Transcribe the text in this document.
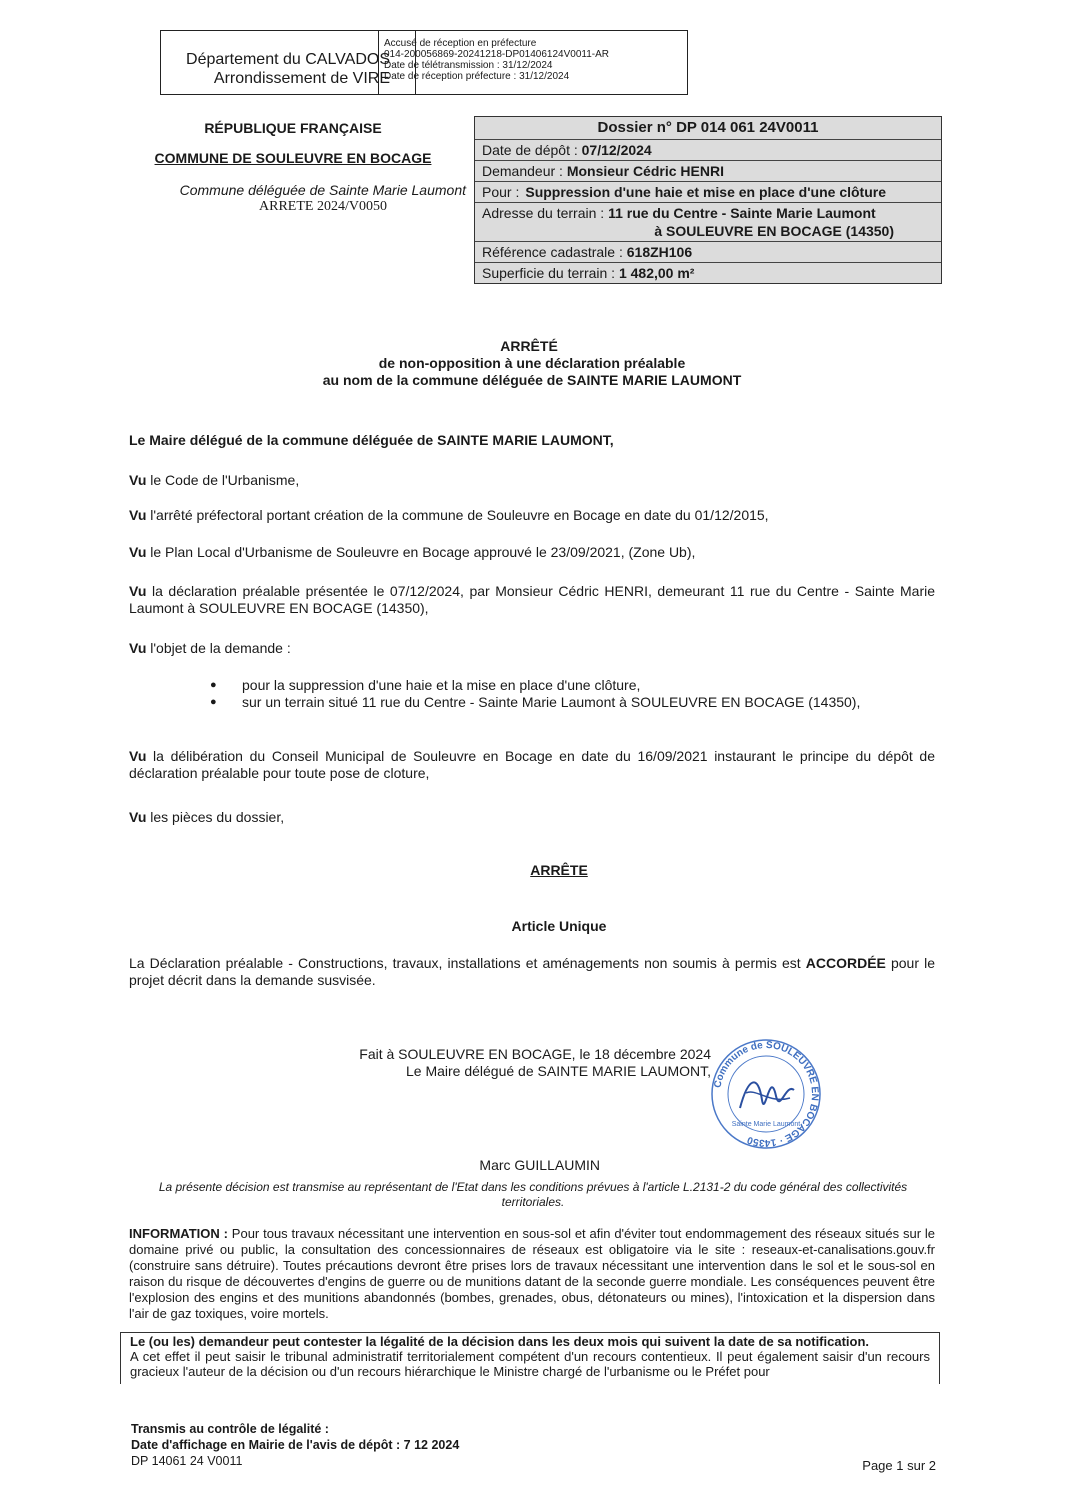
Département du CALVADOS
Arrondissement de VIRE
Accusé de réception en préfecture
014-200056869-20241218-DP01406124V0011-AR
Date de télétransmission : 31/12/2024
Date de réception préfecture : 31/12/2024
RÉPUBLIQUE FRANÇAISE
COMMUNE DE SOULEUVRE EN BOCAGE
Commune déléguée de Sainte Marie Laumont
ARRETE 2024/V0050
Dossier n° DP 014 061 24V0011
Date de dépôt : 07/12/2024
Demandeur : Monsieur Cédric HENRI
Pour : Suppression d'une haie et mise en place d'une clôture
Adresse du terrain : 11 rue du Centre - Sainte Marie Laumont
à SOULEUVRE EN BOCAGE (14350)
Référence cadastrale : 618ZH106
Superficie du terrain : 1 482,00 m²
ARRÊTÉ
de non-opposition à une déclaration préalable
au nom de la commune déléguée de SAINTE MARIE LAUMONT
Le Maire délégué de la commune déléguée de SAINTE MARIE LAUMONT,
Vu le Code de l'Urbanisme,
Vu l'arrêté préfectoral portant création de la commune de Souleuvre en Bocage en date du 01/12/2015,
Vu le Plan Local d'Urbanisme de Souleuvre en Bocage approuvé le 23/09/2021, (Zone Ub),
Vu la déclaration préalable présentée le 07/12/2024, par Monsieur Cédric HENRI, demeurant 11 rue du Centre - Sainte Marie Laumont à SOULEUVRE EN BOCAGE (14350),
Vu l'objet de la demande :
●	pour la suppression d'une haie et la mise en place d'une clôture,
●	sur un terrain situé 11 rue du Centre - Sainte Marie Laumont à SOULEUVRE EN BOCAGE (14350),
Vu la délibération du Conseil Municipal de Souleuvre en Bocage en date du 16/09/2021 instaurant le principe du dépôt de déclaration préalable pour toute pose de cloture,
Vu les pièces du dossier,
ARRÊTE
Article Unique
La Déclaration préalable - Constructions, travaux, installations et aménagements non soumis à permis est ACCORDÉE pour le projet décrit dans la demande susvisée.
Fait à SOULEUVRE EN BOCAGE, le 18 décembre 2024
Le Maire délégué de SAINTE MARIE LAUMONT,
Commune de SOULEUVRE EN BOCAGE · 14350
Sainte Marie Laumont
Marc GUILLAUMIN
La présente décision est transmise au représentant de l'Etat dans les conditions prévues à l'article L.2131-2 du code général des collectivités territoriales.
INFORMATION : Pour tous travaux nécessitant une intervention en sous-sol et afin d'éviter tout endommagement des réseaux situés sur le domaine privé ou public, la consultation des concessionnaires de réseaux est obligatoire via le site : reseaux-et-canalisations.gouv.fr (construire sans détruire). Toutes précautions devront être prises lors de travaux nécessitant une intervention dans le sol et le sous-sol en raison du risque de découvertes d'engins de guerre ou de munitions datant de la seconde guerre mondiale. Les conséquences peuvent être l'explosion des engins et des munitions abandonnés (bombes, grenades, obus, détonateurs ou mines), l'intoxication et la dispersion dans l'air de gaz toxiques, voire mortels.
Le (ou les) demandeur peut contester la légalité de la décision dans les deux mois qui suivent la date de sa notification.
A cet effet il peut saisir le tribunal administratif territorialement compétent d'un recours contentieux. Il peut également saisir d'un recours gracieux l'auteur de la décision ou d'un recours hiérarchique le Ministre chargé de l'urbanisme ou le Préfet pour
Transmis au contrôle de légalité :
Date d'affichage en Mairie de l'avis de dépôt : 7 12 2024
DP 14061 24 V0011	Page 1 sur 2
